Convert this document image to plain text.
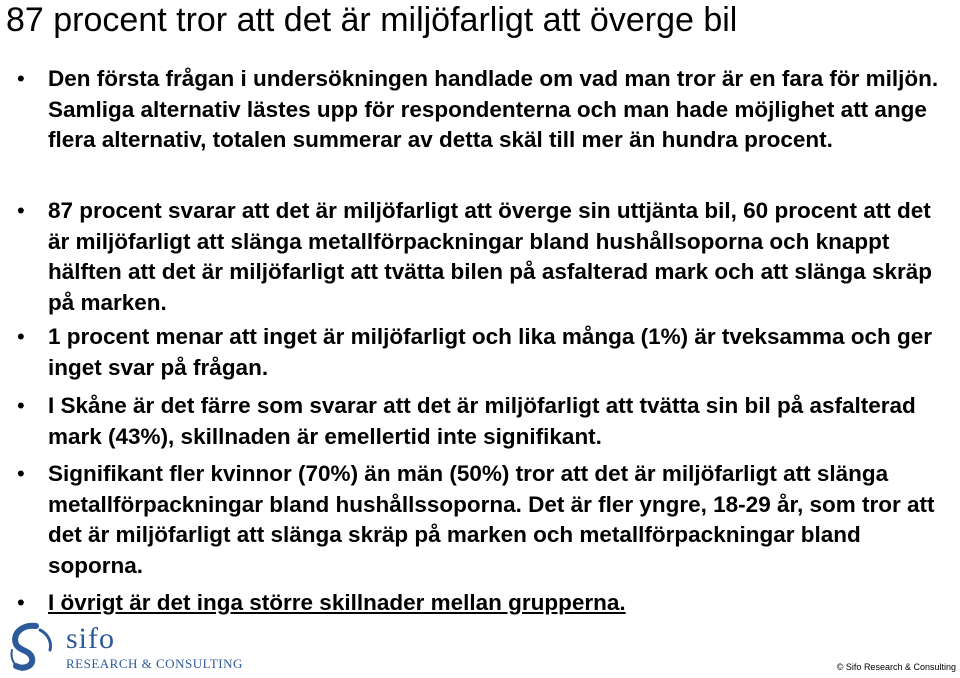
87 procent tror att det är miljöfarligt att överge bil
• Den första frågan i undersökningen handlade om vad man tror är en fara för miljön. Samliga alternativ lästes upp för respondenterna och man hade möjlighet att ange flera alternativ, totalen summerar av detta skäl till mer än hundra procent.
• 87 procent svarar att det är miljöfarligt att överge sin uttjänta bil, 60 procent att det är miljöfarligt att slänga metallförpackningar bland hushållsoporna och knappt hälften att det är miljöfarligt att tvätta bilen på asfalterad mark och att slänga skräp på marken.
• 1 procent menar att inget är miljöfarligt och lika många (1%) är tveksamma och ger inget svar på frågan.
• I Skåne är det färre som svarar att det är miljöfarligt att tvätta sin bil på asfalterad mark (43%), skillnaden är emellertid inte signifikant.
• Signifikant fler kvinnor (70%) än män (50%) tror att det är miljöfarligt att slänga metallförpackningar bland hushållssoporna. Det är fler yngre, 18-29 år, som tror att det är miljöfarligt att slänga skräp på marken och metallförpackningar bland soporna.
• I övrigt är det inga större skillnader mellan grupperna.
sifo
RESEARCH & CONSULTING	© Sifo Research & Consulting
